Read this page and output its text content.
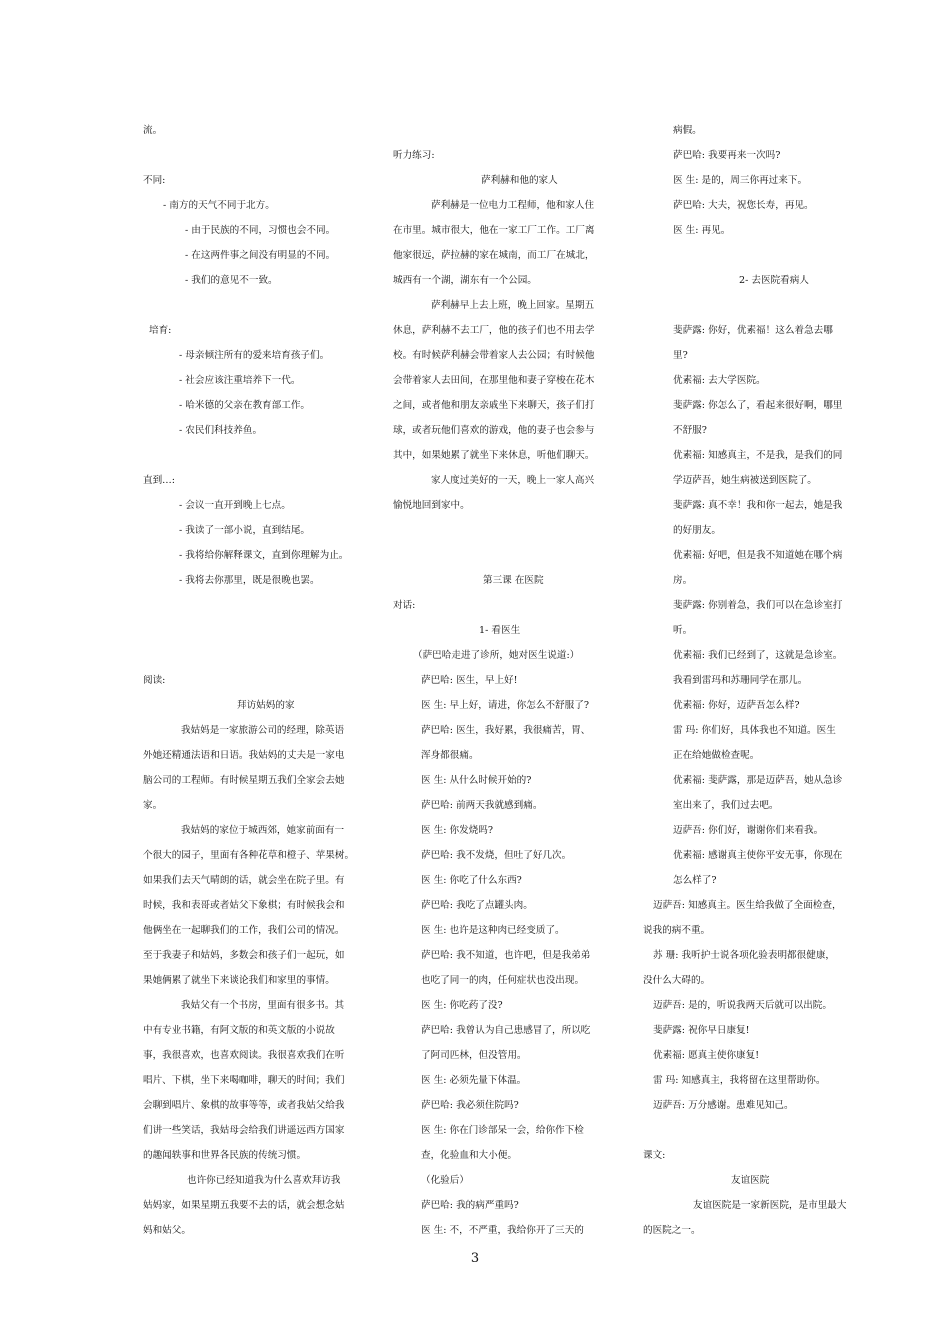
流。

不同:

- 南方的天气不同于北方。

- 由于民族的不同，习惯也会不同。

- 在这两件事之间没有明显的不同。

- 我们的意见不一致。

培育:

- 母亲倾注所有的爱来培育孩子们。

- 社会应该注重培养下一代。

- 哈米德的父亲在教育部工作。

- 农民们科技养鱼。

直到…:

- 会议一直开到晚上七点。

- 我读了一部小说，直到结尾。

- 我将给你解释课文，直到你理解为止。

- 我将去你那里，既是很晚也罢。

阅读:

拜访姑妈的家

我姑妈是一家旅游公司的经理，除英语

外她还精通法语和日语。我姑妈的丈夫是一家电

脑公司的工程师。有时候星期五我们全家会去她

家。

我姑妈的家位于城西郊，她家前面有一

个很大的园子，里面有各种花草和橙子、苹果树。

如果我们去天气晴朗的话，就会坐在院子里。有

时候，我和表哥或者姑父下象棋；有时候我会和

他俩坐在一起聊我们的工作，我们公司的情况。

至于我妻子和姑妈，多数会和孩子们一起玩，如

果她俩累了就坐下来谈论我们和家里的事情。

我姑父有一个书房，里面有很多书。其

中有专业书籍，有阿文版的和英文版的小说故

事，我很喜欢，也喜欢阅读。我很喜欢我们在听

唱片、下棋，坐下来喝咖啡，聊天的时间；我们

会聊到唱片、象棋的故事等等，或者我姑父给我

们讲一些笑话，我姑母会给我们讲遥远西方国家

的趣闻轶事和世界各民族的传统习惯。

也许你已经知道我为什么喜欢拜访我

姑妈家，如果星期五我要不去的话，就会想念姑

妈和姑父。

听力练习:

萨利赫和他的家人

萨利赫是一位电力工程师，他和家人住

在市里。城市很大，他在一家工厂工作。工厂离

他家很远，萨拉赫的家在城南，而工厂在城北，

城西有一个湖，湖东有一个公园。

萨利赫早上去上班，晚上回家。星期五

休息，萨利赫不去工厂，他的孩子们也不用去学

校。有时候萨利赫会带着家人去公园；有时候他

会带着家人去田间，在那里他和妻子穿梭在花木

之间，或者他和朋友亲戚坐下来聊天，孩子们打

球，或者玩他们喜欢的游戏，他的妻子也会参与

其中，如果她累了就坐下来休息，听他们聊天。

家人度过美好的一天，晚上一家人高兴

愉悦地回到家中。

第三课 在医院

对话:

1- 看医生

（萨巴哈走进了诊所，她对医生说道:）

萨巴哈: 医生，早上好!

医 生: 早上好，请进，你怎么不舒服了?

萨巴哈: 医生，我好累，我很痛苦，胃、

浑身都很痛。

医 生: 从什么时候开始的?

萨巴哈: 前两天我就感到痛。

医 生: 你发烧吗?

萨巴哈: 我不发烧，但吐了好几次。

医 生: 你吃了什么东西?

萨巴哈: 我吃了点罐头肉。

医 生: 也许是这种肉已经变质了。

萨巴哈: 我不知道，也许吧，但是我弟弟

也吃了同一的肉，任何症状也没出现。

医 生: 你吃药了没?

萨巴哈: 我曾认为自己患感冒了，所以吃

了阿司匹林，但没管用。

医 生: 必须先量下体温。

萨巴哈: 我必须住院吗?

医 生: 你在门诊部呆一会，给你作下检

查，化验血和大小便。

（化验后）

萨巴哈: 我的病严重吗?

医 生: 不，不严重，我给你开了三天的

病假。

萨巴哈: 我要再来一次吗?

医 生: 是的，周三你再过来下。

萨巴哈: 大夫，祝您长寿，再见。

医 生: 再见。

2- 去医院看病人

斐萨露: 你好，优素福！这么着急去哪

里?

优素福: 去大学医院。

斐萨露: 你怎么了，看起来很好啊，哪里

不舒服?

优素福: 知感真主，不是我，是我们的同

学迈萨吾，她生病被送到医院了。

斐萨露: 真不幸！我和你一起去，她是我

的好朋友。

优素福: 好吧，但是我不知道她在哪个病

房。

斐萨露: 你别着急，我们可以在急诊室打

听。

优素福: 我们已经到了，这就是急诊室。

我看到雷玛和苏珊同学在那儿。

优素福: 你好，迈萨吾怎么样?

雷 玛: 你们好，具体我也不知道。医生

正在给她做检查呢。

优素福: 斐萨露，那是迈萨吾，她从急诊

室出来了，我们过去吧。

迈萨吾: 你们好，谢谢你们来看我。

优素福: 感谢真主使你平安无事，你现在

怎么样了?

迈萨吾: 知感真主。医生给我做了全面检查，

说我的病不重。

苏 珊: 我听护士说各项化验表明都很健康，

没什么大碍的。

迈萨吾: 是的，听说我两天后就可以出院。

斐萨露: 祝你早日康复!

优素福: 愿真主使你康复!

雷 玛: 知感真主，我将留在这里帮助你。

迈萨吾: 万分感谢。患难见知己。

课文:

友谊医院

友谊医院是一家新医院，是市里最大

的医院之一。

3
